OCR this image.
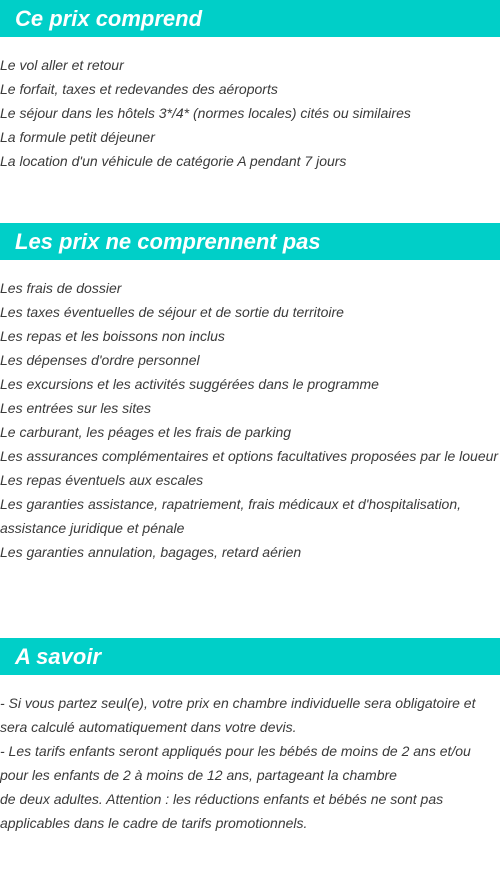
Ce prix comprend
Le vol aller et retour
Le forfait, taxes et redevandes des aéroports
Le séjour dans les hôtels 3*/4* (normes locales) cités ou similaires
La formule petit déjeuner
La location d'un véhicule de catégorie A pendant 7 jours
Les prix ne comprennent pas
Les frais de dossier
Les taxes éventuelles de séjour et de sortie du territoire
Les repas et les boissons non inclus
Les dépenses d'ordre personnel
Les excursions et les activités suggérées dans le programme
Les entrées sur les sites
Le carburant, les péages et les frais de parking
Les assurances complémentaires et options facultatives proposées par le loueur
Les repas éventuels aux escales
Les garanties assistance, rapatriement, frais médicaux et d'hospitalisation, assistance juridique et pénale
Les garanties annulation, bagages, retard aérien
A savoir
- Si vous partez seul(e), votre prix en chambre individuelle sera obligatoire et sera calculé automatiquement dans votre devis.
- Les tarifs enfants seront appliqués pour les bébés de moins de 2 ans et/ou pour les enfants de 2 à moins de 12 ans, partageant la chambre
de deux adultes. Attention : les réductions enfants et bébés ne sont pas applicables dans le cadre de tarifs promotionnels.
